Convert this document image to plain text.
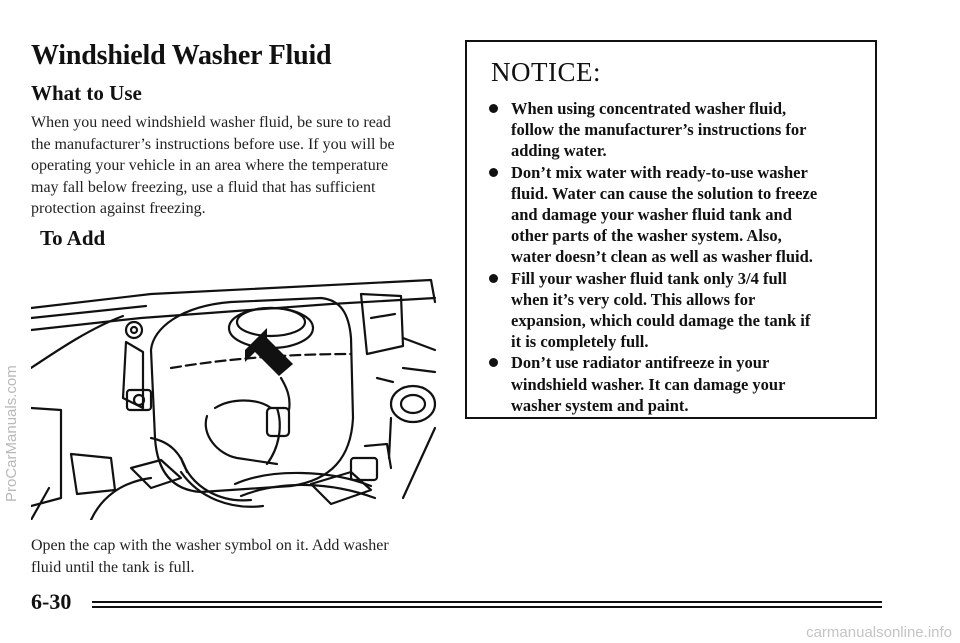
Windshield Washer Fluid
What to Use

When you need windshield washer fluid, be sure to read
the manufacturer’s instructions before use. If you will be
operating your vehicle in an area where the temperature
may fall below freezing, use a fluid that has sufficient
protection against freezing.

To Add

Open the cap with the washer symbol on it. Add washer
fluid until the tank is full.

NOTICE:
When using concentrated washer fluid,
follow the manufacturer’s instructions for
adding water.
Don’t mix water with ready-to-use washer
fluid. Water can cause the solution to freeze
and damage your washer fluid tank and
other parts of the washer system. Also,
water doesn’t clean as well as washer fluid.
Fill your washer fluid tank only 3/4 full
when it’s very cold. This allows for
expansion, which could damage the tank if
it is completely full.
Don’t use radiator antifreeze in your
windshield washer. It can damage your
washer system and paint.
6-30
ProCarManuals.com
carmanualsonline.info
